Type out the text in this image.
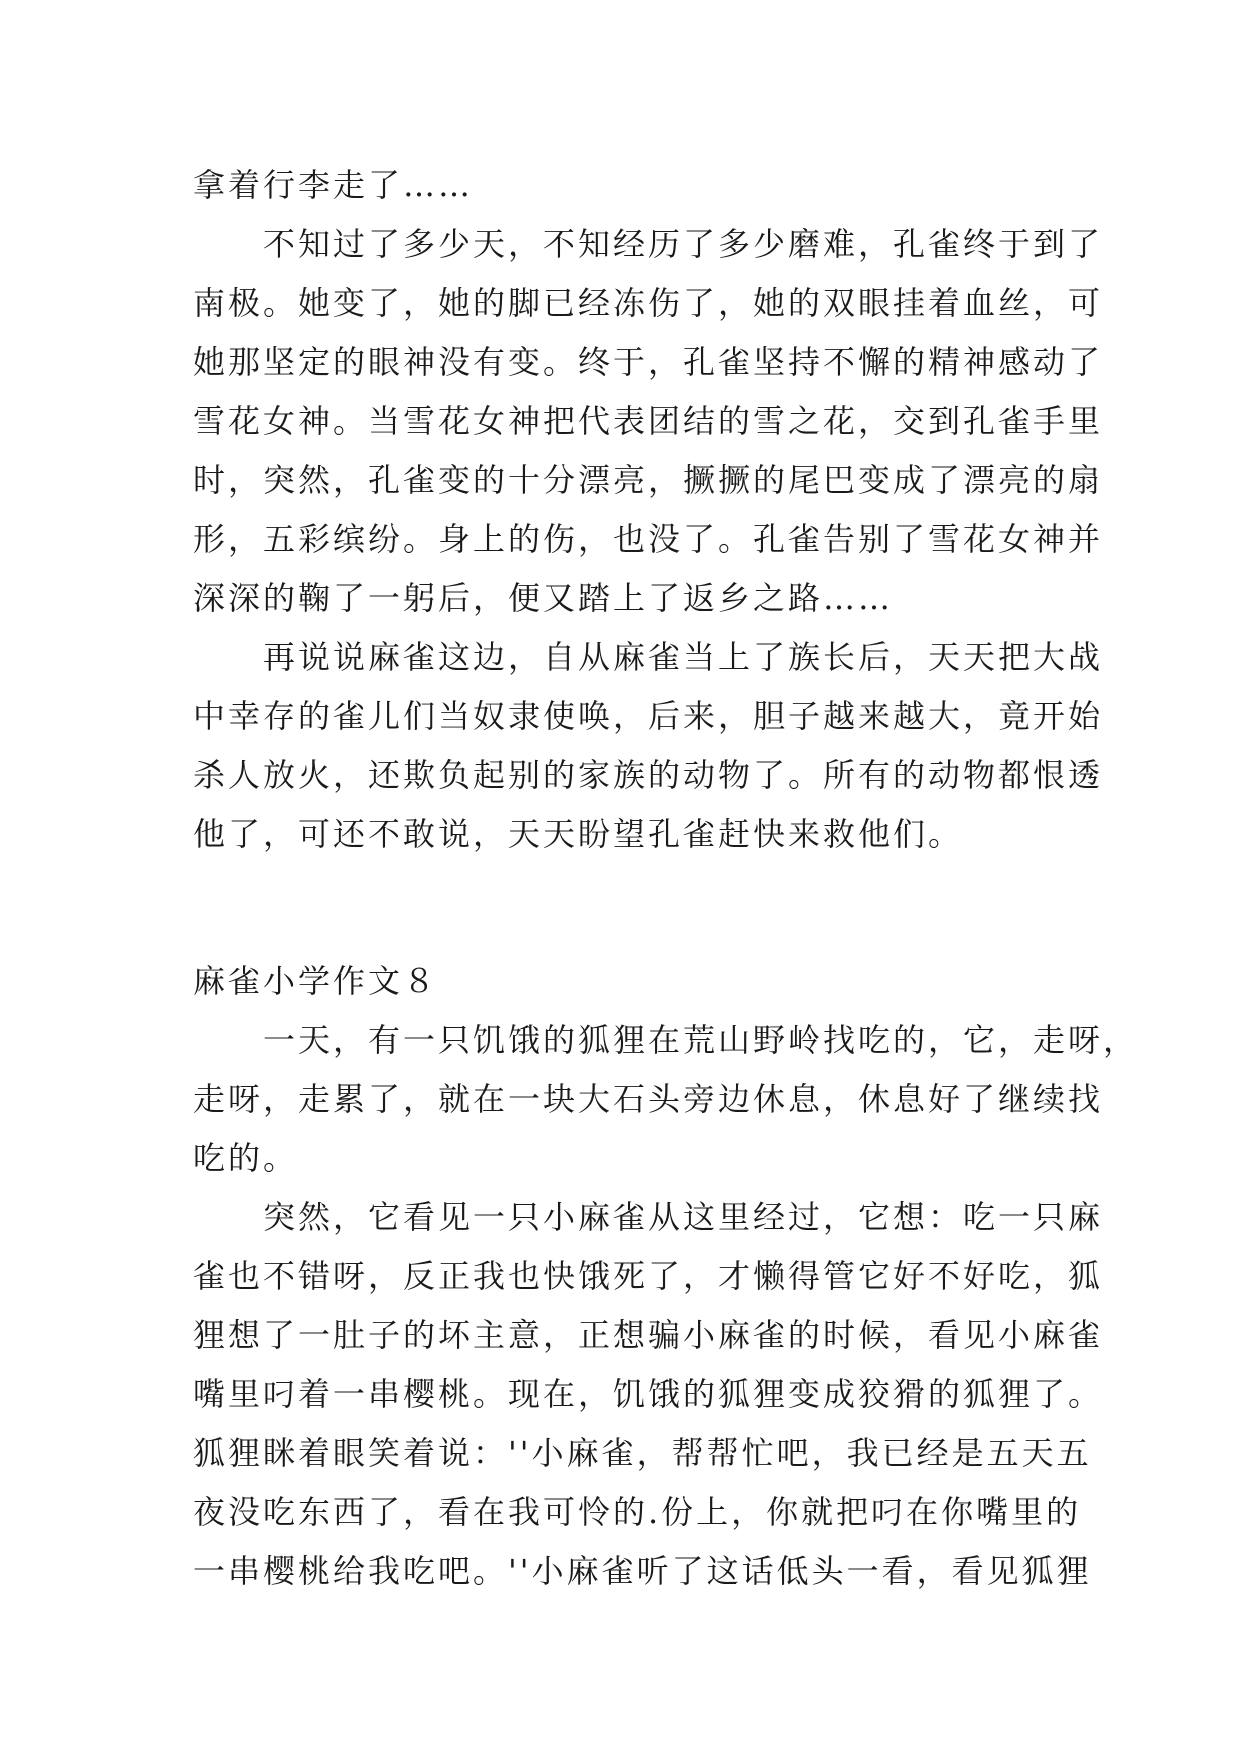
拿着行李走了……
不知过了多少天，不知经历了多少磨难，孔雀终于到了
南极。她变了，她的脚已经冻伤了，她的双眼挂着血丝，可
她那坚定的眼神没有变。终于，孔雀坚持不懈的精神感动了
雪花女神。当雪花女神把代表团结的雪之花，交到孔雀手里
时，突然，孔雀变的十分漂亮，撅撅的尾巴变成了漂亮的扇
形，五彩缤纷。身上的伤，也没了。孔雀告别了雪花女神并
深深的鞠了一躬后，便又踏上了返乡之路……
再说说麻雀这边，自从麻雀当上了族长后，天天把大战
中幸存的雀儿们当奴隶使唤，后来，胆子越来越大，竟开始
杀人放火，还欺负起别的家族的动物了。所有的动物都恨透
他了，可还不敢说，天天盼望孔雀赶快来救他们。
麻雀小学作文８
一天，有一只饥饿的狐狸在荒山野岭找吃的，它，走呀，
走呀，走累了，就在一块大石头旁边休息，休息好了继续找
吃的。
突然，它看见一只小麻雀从这里经过，它想：吃一只麻
雀也不错呀，反正我也快饿死了，才懒得管它好不好吃，狐
狸想了一肚子的坏主意，正想骗小麻雀的时候，看见小麻雀
嘴里叼着一串樱桃。现在，饥饿的狐狸变成狡猾的狐狸了。
狐狸眯着眼笑着说：''小麻雀，帮帮忙吧，我已经是五天五
夜没吃东西了，看在我可怜的.份上，你就把叼在你嘴里的
一串樱桃给我吃吧。''小麻雀听了这话低头一看，看见狐狸
